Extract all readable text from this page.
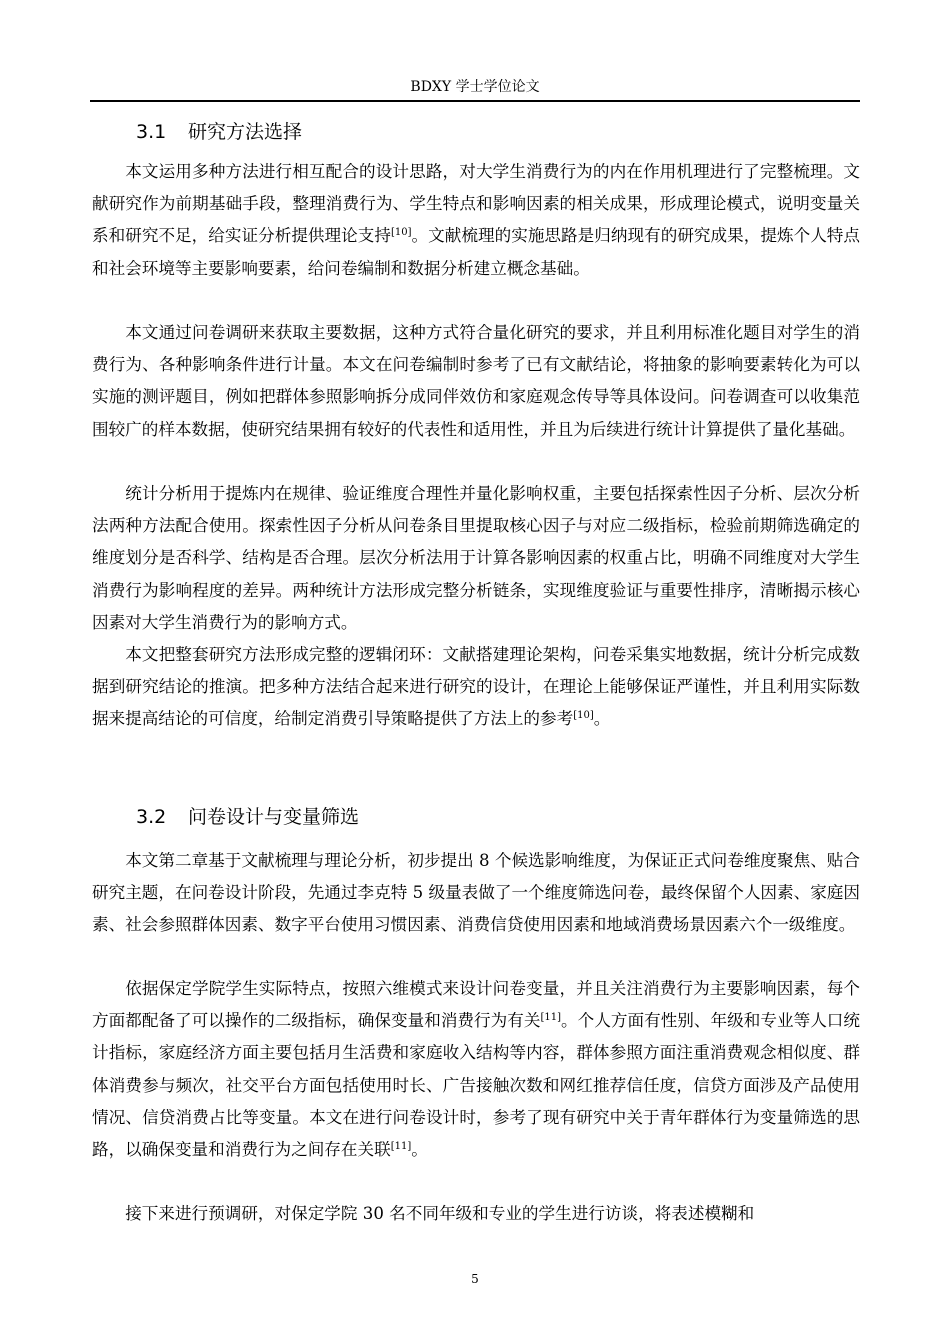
BDXY 学士学位论文
3.1 研究方法选择

本文运用多种方法进行相互配合的设计思路，对大学生消费行为的内在作用机理进行了完整梳理。文献研究作为前期基础手段，整理消费行为、学生特点和影响因素的相关成果，形成理论模式，说明变量关系和研究不足，给实证分析提供理论支持[10]。文献梳理的实施思路是归纳现有的研究成果，提炼个人特点和社会环境等主要影响要素，给问卷编制和数据分析建立概念基础。

本文通过问卷调研来获取主要数据，这种方式符合量化研究的要求，并且利用标准化题目对学生的消费行为、各种影响条件进行计量。本文在问卷编制时参考了已有文献结论，将抽象的影响要素转化为可以实施的测评题目，例如把群体参照影响拆分成同伴效仿和家庭观念传导等具体设问。问卷调查可以收集范围较广的样本数据，使研究结果拥有较好的代表性和适用性，并且为后续进行统计计算提供了量化基础。

统计分析用于提炼内在规律、验证维度合理性并量化影响权重，主要包括探索性因子分析、层次分析法两种方法配合使用。探索性因子分析从问卷条目里提取核心因子与对应二级指标，检验前期筛选确定的维度划分是否科学、结构是否合理。层次分析法用于计算各影响因素的权重占比，明确不同维度对大学生消费行为影响程度的差异。两种统计方法形成完整分析链条，实现维度验证与重要性排序，清晰揭示核心因素对大学生消费行为的影响方式。

本文把整套研究方法形成完整的逻辑闭环：文献搭建理论架构，问卷采集实地数据，统计分析完成数据到研究结论的推演。把多种方法结合起来进行研究的设计，在理论上能够保证严谨性，并且利用实际数据来提高结论的可信度，给制定消费引导策略提供了方法上的参考[10]。

3.2 问卷设计与变量筛选

本文第二章基于文献梳理与理论分析，初步提出 8 个候选影响维度，为保证正式问卷维度聚焦、贴合研究主题，在问卷设计阶段，先通过李克特 5 级量表做了一个维度筛选问卷，最终保留个人因素、家庭因素、社会参照群体因素、数字平台使用习惯因素、消费信贷使用因素和地域消费场景因素六个一级维度。

依据保定学院学生实际特点，按照六维模式来设计问卷变量，并且关注消费行为主要影响因素，每个方面都配备了可以操作的二级指标，确保变量和消费行为有关[11]。个人方面有性别、年级和专业等人口统计指标，家庭经济方面主要包括月生活费和家庭收入结构等内容，群体参照方面注重消费观念相似度、群体消费参与频次，社交平台方面包括使用时长、广告接触次数和网红推荐信任度，信贷方面涉及产品使用情况、信贷消费占比等变量。本文在进行问卷设计时，参考了现有研究中关于青年群体行为变量筛选的思路，以确保变量和消费行为之间存在关联[11]。

接下来进行预调研，对保定学院 30 名不同年级和专业的学生进行访谈，将表述模糊和

5
